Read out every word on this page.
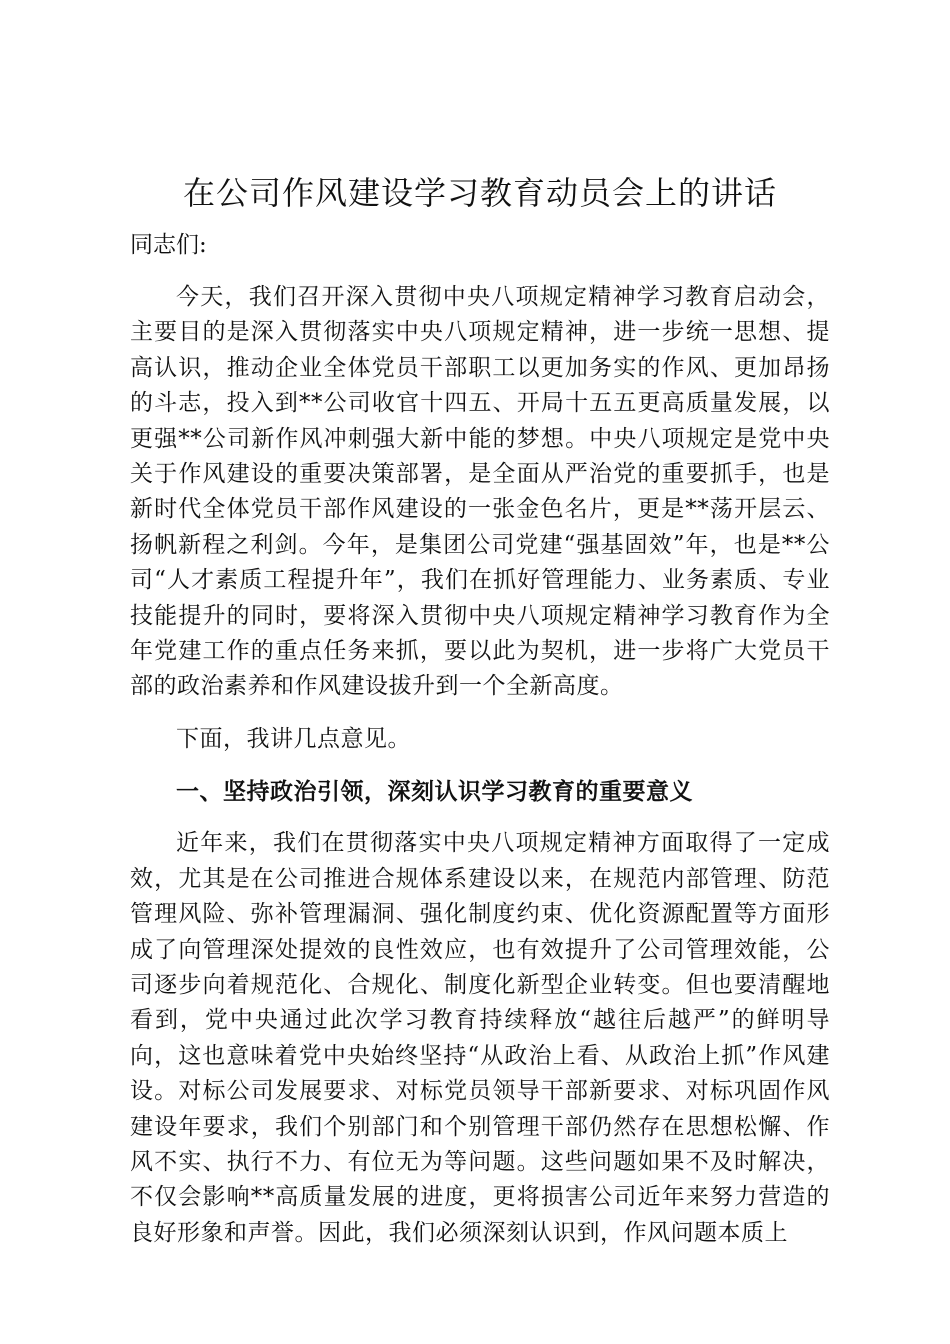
在公司作风建设学习教育动员会上的讲话

同志们:

今天，我们召开深入贯彻中央八项规定精神学习教育启动会，主要目的是深入贯彻落实中央八项规定精神，进一步统一思想、提高认识，推动企业全体党员干部职工以更加务实的作风、更加昂扬的斗志，投入到**公司收官十四五、开局十五五更高质量发展，以更强**公司新作风冲刺强大新中能的梦想。中央八项规定是党中央关于作风建设的重要决策部署，是全面从严治党的重要抓手，也是新时代全体党员干部作风建设的一张金色名片，更是**荡开层云、扬帆新程之利剑。今年，是集团公司党建“强基固效”年，也是**公司“人才素质工程提升年”，我们在抓好管理能力、业务素质、专业技能提升的同时，要将深入贯彻中央八项规定精神学习教育作为全年党建工作的重点任务来抓，要以此为契机，进一步将广大党员干部的政治素养和作风建设拔升到一个全新高度。

下面，我讲几点意见。

一、坚持政治引领，深刻认识学习教育的重要意义

近年来，我们在贯彻落实中央八项规定精神方面取得了一定成效，尤其是在公司推进合规体系建设以来，在规范内部管理、防范管理风险、弥补管理漏洞、强化制度约束、优化资源配置等方面形成了向管理深处提效的良性效应，也有效提升了公司管理效能，公司逐步向着规范化、合规化、制度化新型企业转变。但也要清醒地看到，党中央通过此次学习教育持续释放“越往后越严”的鲜明导向，这也意味着党中央始终坚持“从政治上看、从政治上抓”作风建设。对标公司发展要求、对标党员领导干部新要求、对标巩固作风建设年要求，我们个别部门和个别管理干部仍然存在思想松懈、作风不实、执行不力、有位无为等问题。这些问题如果不及时解决，不仅会影响**高质量发展的进度，更将损害公司近年来努力营造的良好形象和声誉。因此，我们必须深刻认识到，作风问题本质上
